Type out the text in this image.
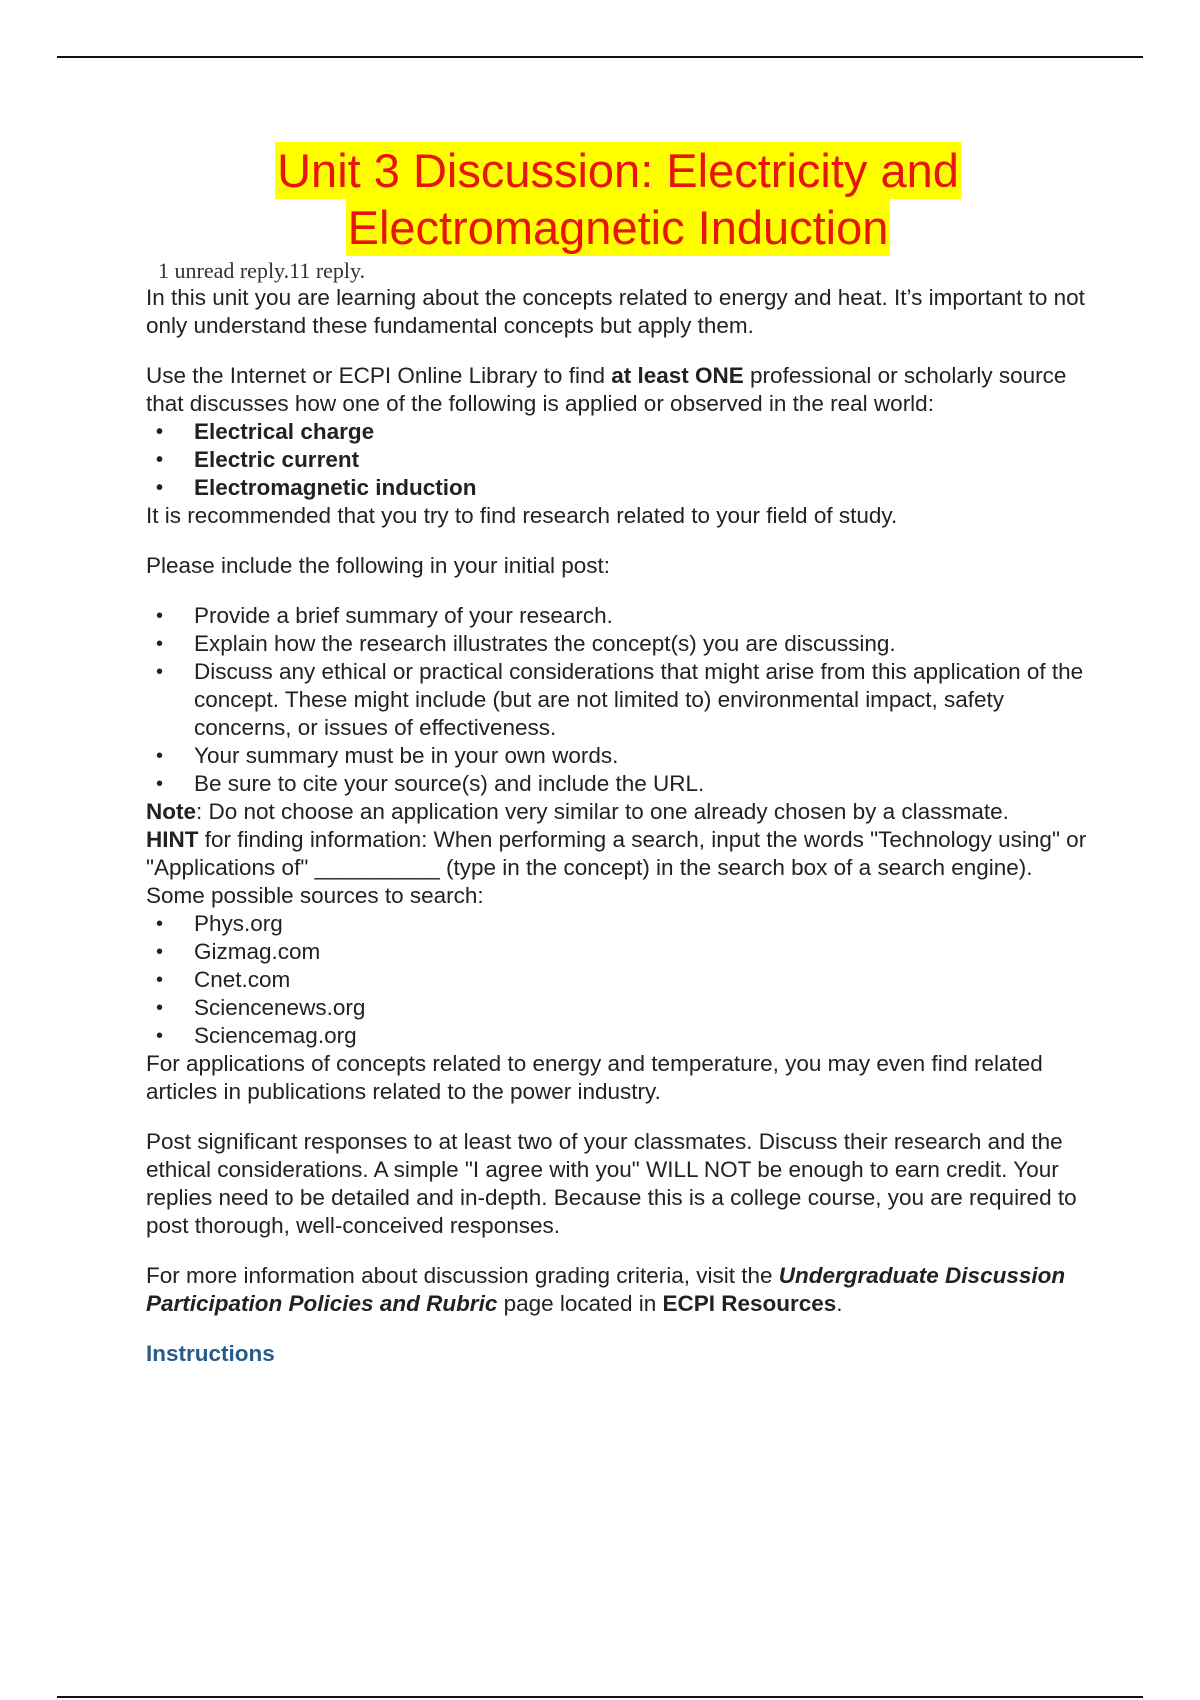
Unit 3 Discussion: Electricity and
Electromagnetic Induction
1 unread reply.11 reply.

In this unit you are learning about the concepts related to energy and heat. It’s important to not only understand these fundamental concepts but apply them.

Use the Internet or ECPI Online Library to find at least ONE professional or scholarly source that discusses how one of the following is applied or observed in the real world:

• Electrical charge
• Electric current
• Electromagnetic induction

It is recommended that you try to find research related to your field of study.

Please include the following in your initial post:

• Provide a brief summary of your research.
• Explain how the research illustrates the concept(s) you are discussing.
• Discuss any ethical or practical considerations that might arise from this application of the concept. These might include (but are not limited to) environmental impact, safety concerns, or issues of effectiveness.
• Your summary must be in your own words.
• Be sure to cite your source(s) and include the URL.

Note: Do not choose an application very similar to one already chosen by a classmate.

HINT for finding information: When performing a search, input the words "Technology using" or "Applications of" __________ (type in the concept) in the search box of a search engine). Some possible sources to search:

• Phys.org
• Gizmag.com
• Cnet.com
• Sciencenews.org
• Sciencemag.org

For applications of concepts related to energy and temperature, you may even find related articles in publications related to the power industry.

Post significant responses to at least two of your classmates. Discuss their research and the ethical considerations. A simple "I agree with you" WILL NOT be enough to earn credit. Your replies need to be detailed and in-depth. Because this is a college course, you are required to post thorough, well-conceived responses.

For more information about discussion grading criteria, visit the Undergraduate Discussion Participation Policies and Rubric page located in ECPI Resources.

Instructions
